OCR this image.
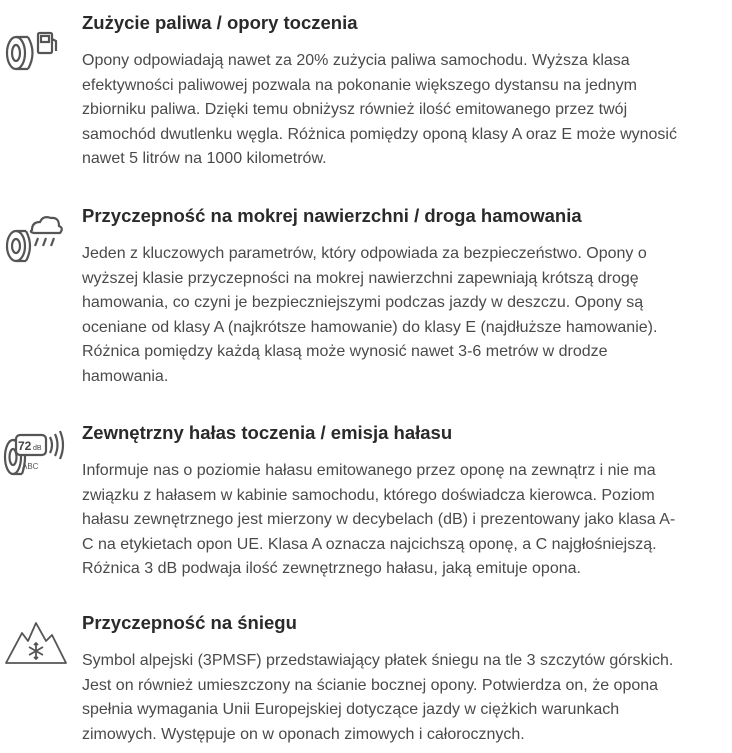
Zużycie paliwa / opory toczenia
Opony odpowiadają nawet za 20% zużycia paliwa samochodu. Wyższa klasa
efektywności paliwowej pozwala na pokonanie większego dystansu na jednym
zbiorniku paliwa. Dzięki temu obniżysz również ilość emitowanego przez twój
samochód dwutlenku węgla. Różnica pomiędzy oponą klasy A oraz E może wynosić
nawet 5 litrów na 1000 kilometrów.
Przyczepność na mokrej nawierzchni / droga hamowania
Jeden z kluczowych parametrów, który odpowiada za bezpieczeństwo. Opony o
wyższej klasie przyczepności na mokrej nawierzchni zapewniają krótszą drogę
hamowania, co czyni je bezpieczniejszymi podczas jazdy w deszczu. Opony są
oceniane od klasy A (najkrótsze hamowanie) do klasy E (najdłuższe hamowanie).
Różnica pomiędzy każdą klasą może wynosić nawet 3-6 metrów w drodze
hamowania.
72 dB
ABC
Zewnętrzny hałas toczenia / emisja hałasu
Informuje nas o poziomie hałasu emitowanego przez oponę na zewnątrz i nie ma
związku z hałasem w kabinie samochodu, którego doświadcza kierowca. Poziom
hałasu zewnętrznego jest mierzony w decybelach (dB) i prezentowany jako klasa A-
C na etykietach opon UE. Klasa A oznacza najcichszą oponę, a C najgłośniejszą.
Różnica 3 dB podwaja ilość zewnętrznego hałasu, jaką emituje opona.
Przyczepność na śniegu
Symbol alpejski (3PMSF) przedstawiający płatek śniegu na tle 3 szczytów górskich.
Jest on również umieszczony na ścianie bocznej opony. Potwierdza on, że opona
spełnia wymagania Unii Europejskiej dotyczące jazdy w ciężkich warunkach
zimowych. Występuje on w oponach zimowych i całorocznych.
